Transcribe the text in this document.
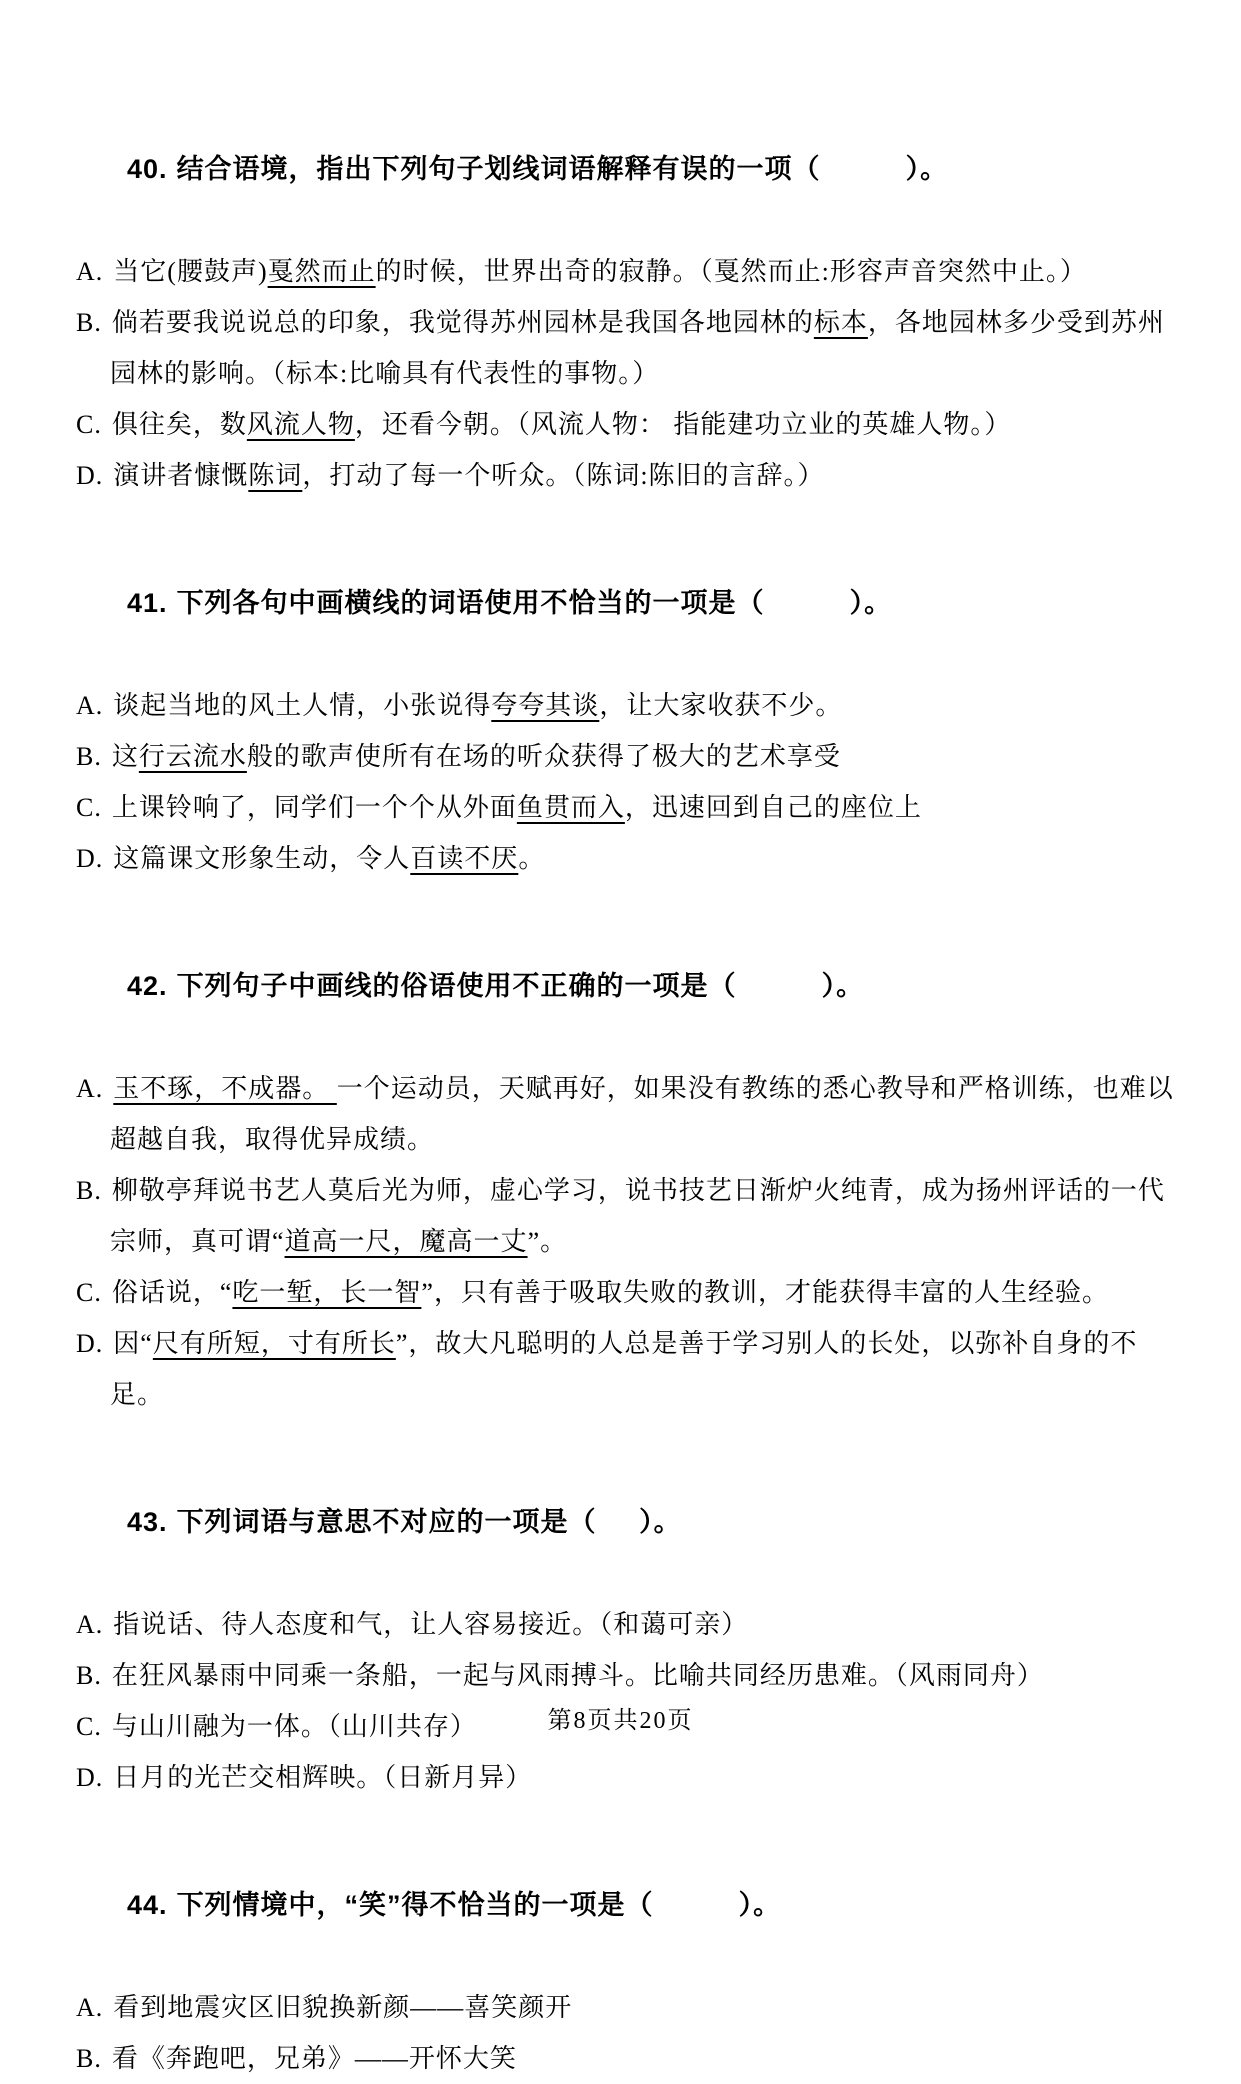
40. 结合语境，指出下列句子划线词语解释有误的一项（          ）。

A. 当它(腰鼓声)戛然而止的时候，世界出奇的寂静。（戛然而止:形容声音突然中止。）

B. 倘若要我说说总的印象，我觉得苏州园林是我国各地园林的标本，各地园林多少受到苏州园林的影响。（标本:比喻具有代表性的事物。）

C. 俱往矣，数风流人物，还看今朝。（风流人物： 指能建功立业的英雄人物。）

D. 演讲者慷慨陈词，打动了每一个听众。（陈词:陈旧的言辞。）

41. 下列各句中画横线的词语使用不恰当的一项是（          ）。

A. 谈起当地的风土人情，小张说得夸夸其谈，让大家收获不少。

B. 这行云流水般的歌声使所有在场的听众获得了极大的艺术享受

C. 上课铃响了，同学们一个个从外面鱼贯而入，迅速回到自己的座位上

D. 这篇课文形象生动，令人百读不厌。

42. 下列句子中画线的俗语使用不正确的一项是（          ）。

A. 玉不琢，不成器。 一个运动员，天赋再好，如果没有教练的悉心教导和严格训练，也难以超越自我，取得优异成绩。

B. 柳敬亭拜说书艺人莫后光为师，虚心学习，说书技艺日渐炉火纯青，成为扬州评话的一代宗师，真可谓“道高一尺，魔高一丈”。

C. 俗话说，“吃一堑，长一智”，只有善于吸取失败的教训，才能获得丰富的人生经验。

D. 因“尺有所短，寸有所长”，故大凡聪明的人总是善于学习别人的长处，以弥补自身的不足。

43. 下列词语与意思不对应的一项是（     ）。

A. 指说话、待人态度和气，让人容易接近。（和蔼可亲）

B. 在狂风暴雨中同乘一条船，一起与风雨搏斗。比喻共同经历患难。（风雨同舟）

C. 与山川融为一体。（山川共存）

D. 日月的光芒交相辉映。（日新月异）

44. 下列情境中，“笑”得不恰当的一项是（          ）。

A. 看到地震灾区旧貌换新颜——喜笑颜开

B. 看《奔跑吧，兄弟》——开怀大笑

第8页共20页
